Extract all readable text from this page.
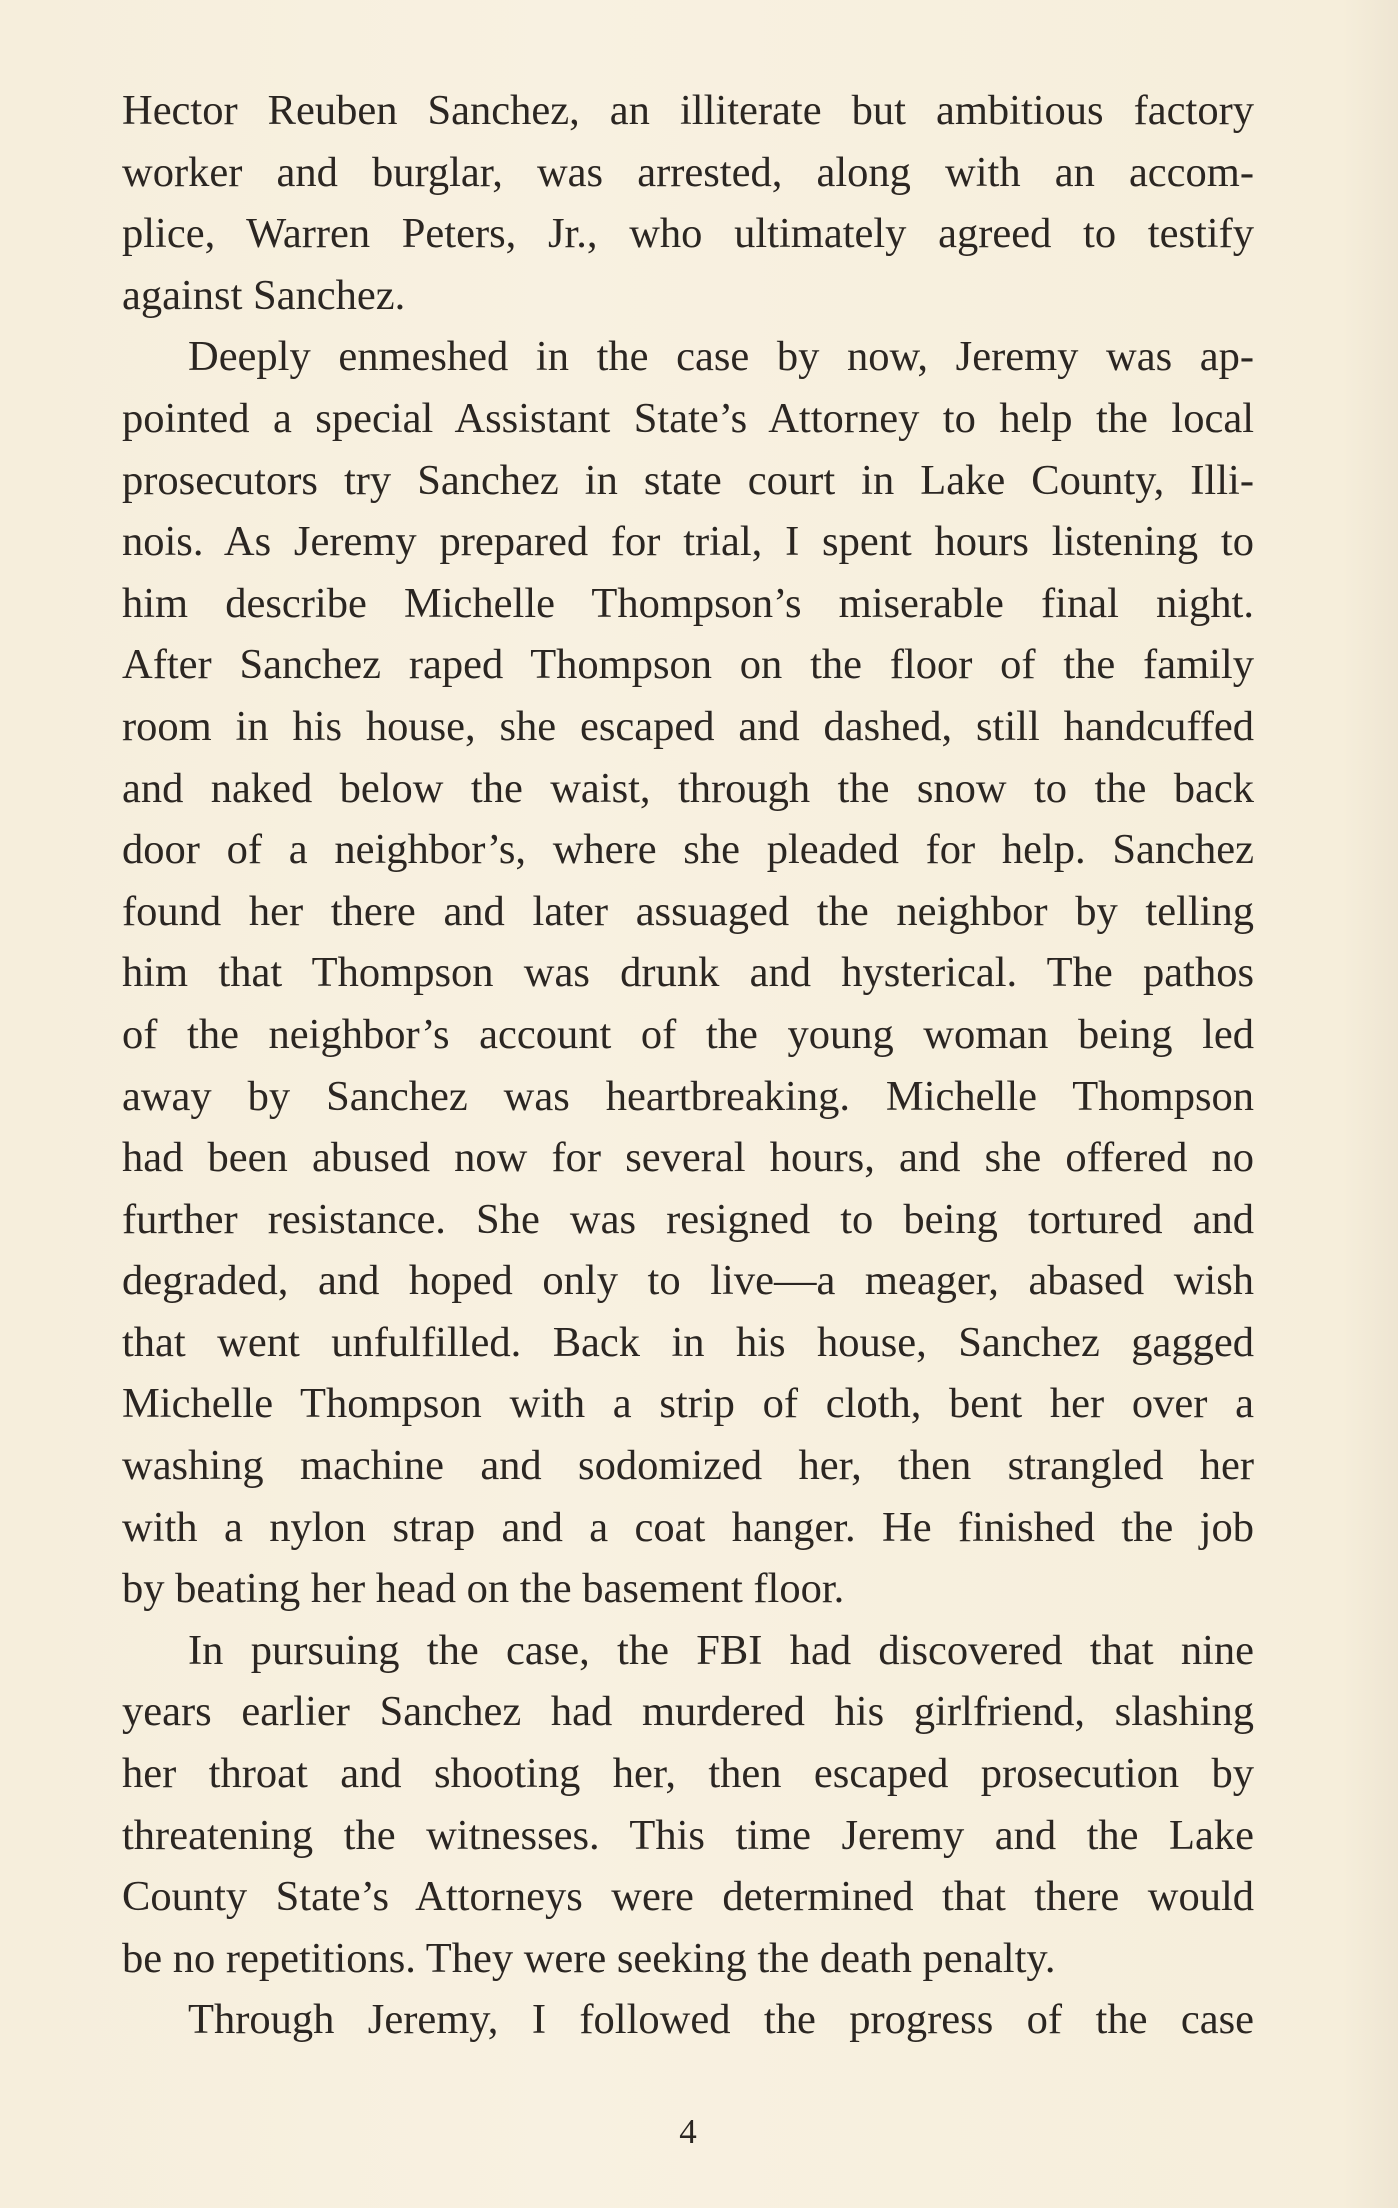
Hector Reuben Sanchez, an illiterate but ambitious factory
worker and burglar, was arrested, along with an accom-
plice, Warren Peters, Jr., who ultimately agreed to testify
against Sanchez.
Deeply enmeshed in the case by now, Jeremy was ap-
pointed a special Assistant State’s Attorney to help the local
prosecutors try Sanchez in state court in Lake County, Illi-
nois. As Jeremy prepared for trial, I spent hours listening to
him describe Michelle Thompson’s miserable final night.
After Sanchez raped Thompson on the floor of the family
room in his house, she escaped and dashed, still handcuffed
and naked below the waist, through the snow to the back
door of a neighbor’s, where she pleaded for help. Sanchez
found her there and later assuaged the neighbor by telling
him that Thompson was drunk and hysterical. The pathos
of the neighbor’s account of the young woman being led
away by Sanchez was heartbreaking. Michelle Thompson
had been abused now for several hours, and she offered no
further resistance. She was resigned to being tortured and
degraded, and hoped only to live—a meager, abased wish
that went unfulfilled. Back in his house, Sanchez gagged
Michelle Thompson with a strip of cloth, bent her over a
washing machine and sodomized her, then strangled her
with a nylon strap and a coat hanger. He finished the job
by beating her head on the basement floor.
In pursuing the case, the FBI had discovered that nine
years earlier Sanchez had murdered his girlfriend, slashing
her throat and shooting her, then escaped prosecution by
threatening the witnesses. This time Jeremy and the Lake
County State’s Attorneys were determined that there would
be no repetitions. They were seeking the death penalty.
Through Jeremy, I followed the progress of the case
4
